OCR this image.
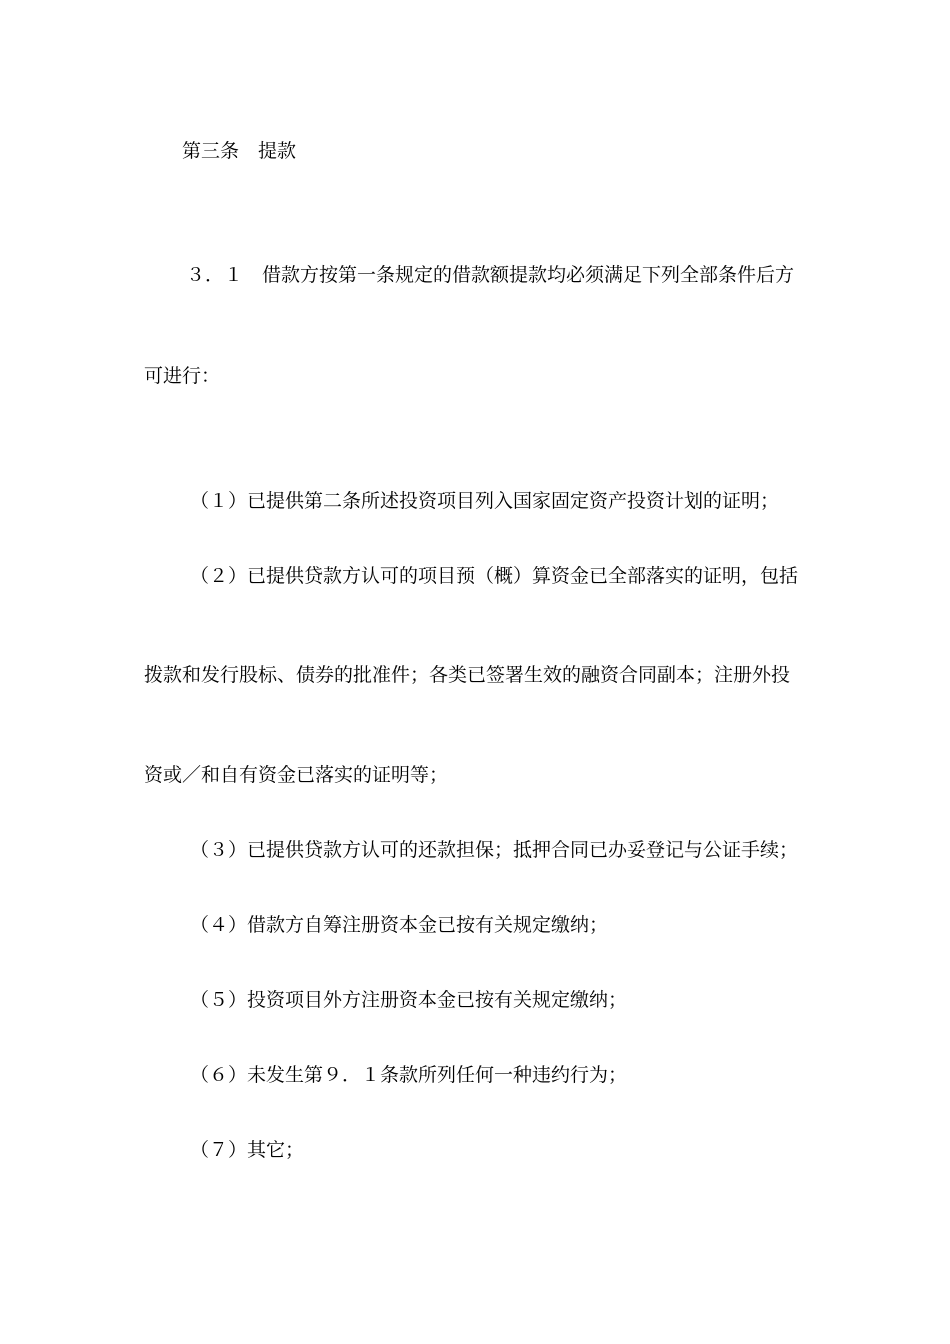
第三条　提款
３．１　借款方按第一条规定的借款额提款均必须满足下列全部条件后方
可进行：
（１）已提供第二条所述投资项目列入国家固定资产投资计划的证明；
（２）已提供贷款方认可的项目预（概）算资金已全部落实的证明，包括
拨款和发行股标、债券的批准件；各类已签署生效的融资合同副本；注册外投
资或／和自有资金已落实的证明等；
（３）已提供贷款方认可的还款担保；抵押合同已办妥登记与公证手续；
（４）借款方自筹注册资本金已按有关规定缴纳；
（５）投资项目外方注册资本金已按有关规定缴纳；
（６）未发生第９．１条款所列任何一种违约行为；
（７）其它；
